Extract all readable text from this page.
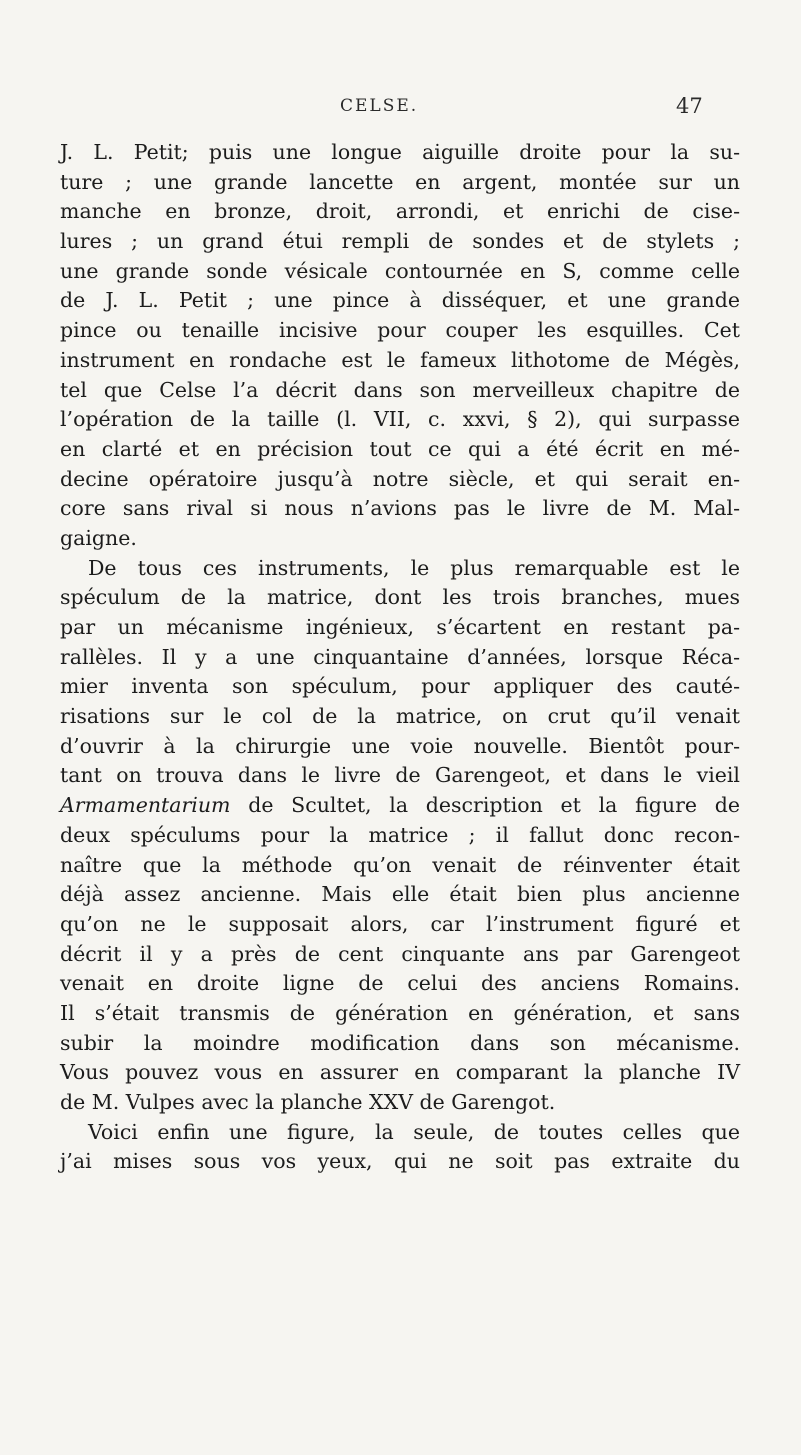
CELSE.	47
J. L. Petit; puis une longue aiguille droite pour la su-
ture ; une grande lancette en argent, montée sur un
manche en bronze, droit, arrondi, et enrichi de cise-
lures ; un grand étui rempli de sondes et de stylets ;
une grande sonde vésicale contournée en S, comme celle
de J. L. Petit ; une pince à disséquer, et une grande
pince ou tenaille incisive pour couper les esquilles. Cet
instrument en rondache est le fameux lithotome de Mégès,
tel que Celse l’a décrit dans son merveilleux chapitre de
l’opération de la taille (l. VII, c. xxvi, § 2), qui surpasse
en clarté et en précision tout ce qui a été écrit en mé-
decine opératoire jusqu’à notre siècle, et qui serait en-
core sans rival si nous n’avions pas le livre de M. Mal-
gaigne.
De tous ces instruments, le plus remarquable est le
spéculum de la matrice, dont les trois branches, mues
par un mécanisme ingénieux, s’écartent en restant pa-
rallèles. Il y a une cinquantaine d’années, lorsque Réca-
mier inventa son spéculum, pour appliquer des cauté-
risations sur le col de la matrice, on crut qu’il venait
d’ouvrir à la chirurgie une voie nouvelle. Bientôt pour-
tant on trouva dans le livre de Garengeot, et dans le vieil
Armamentarium de Scultet, la description et la figure de
deux spéculums pour la matrice ; il fallut donc recon-
naître que la méthode qu’on venait de réinventer était
déjà assez ancienne. Mais elle était bien plus ancienne
qu’on ne le supposait alors, car l’instrument figuré et
décrit il y a près de cent cinquante ans par Garengeot
venait en droite ligne de celui des anciens Romains.
Il s’était transmis de génération en génération, et sans
subir la moindre modification dans son mécanisme.
Vous pouvez vous en assurer en comparant la planche IV
de M. Vulpes avec la planche XXV de Garengot.
Voici enfin une figure, la seule, de toutes celles que
j’ai mises sous vos yeux, qui ne soit pas extraite du
